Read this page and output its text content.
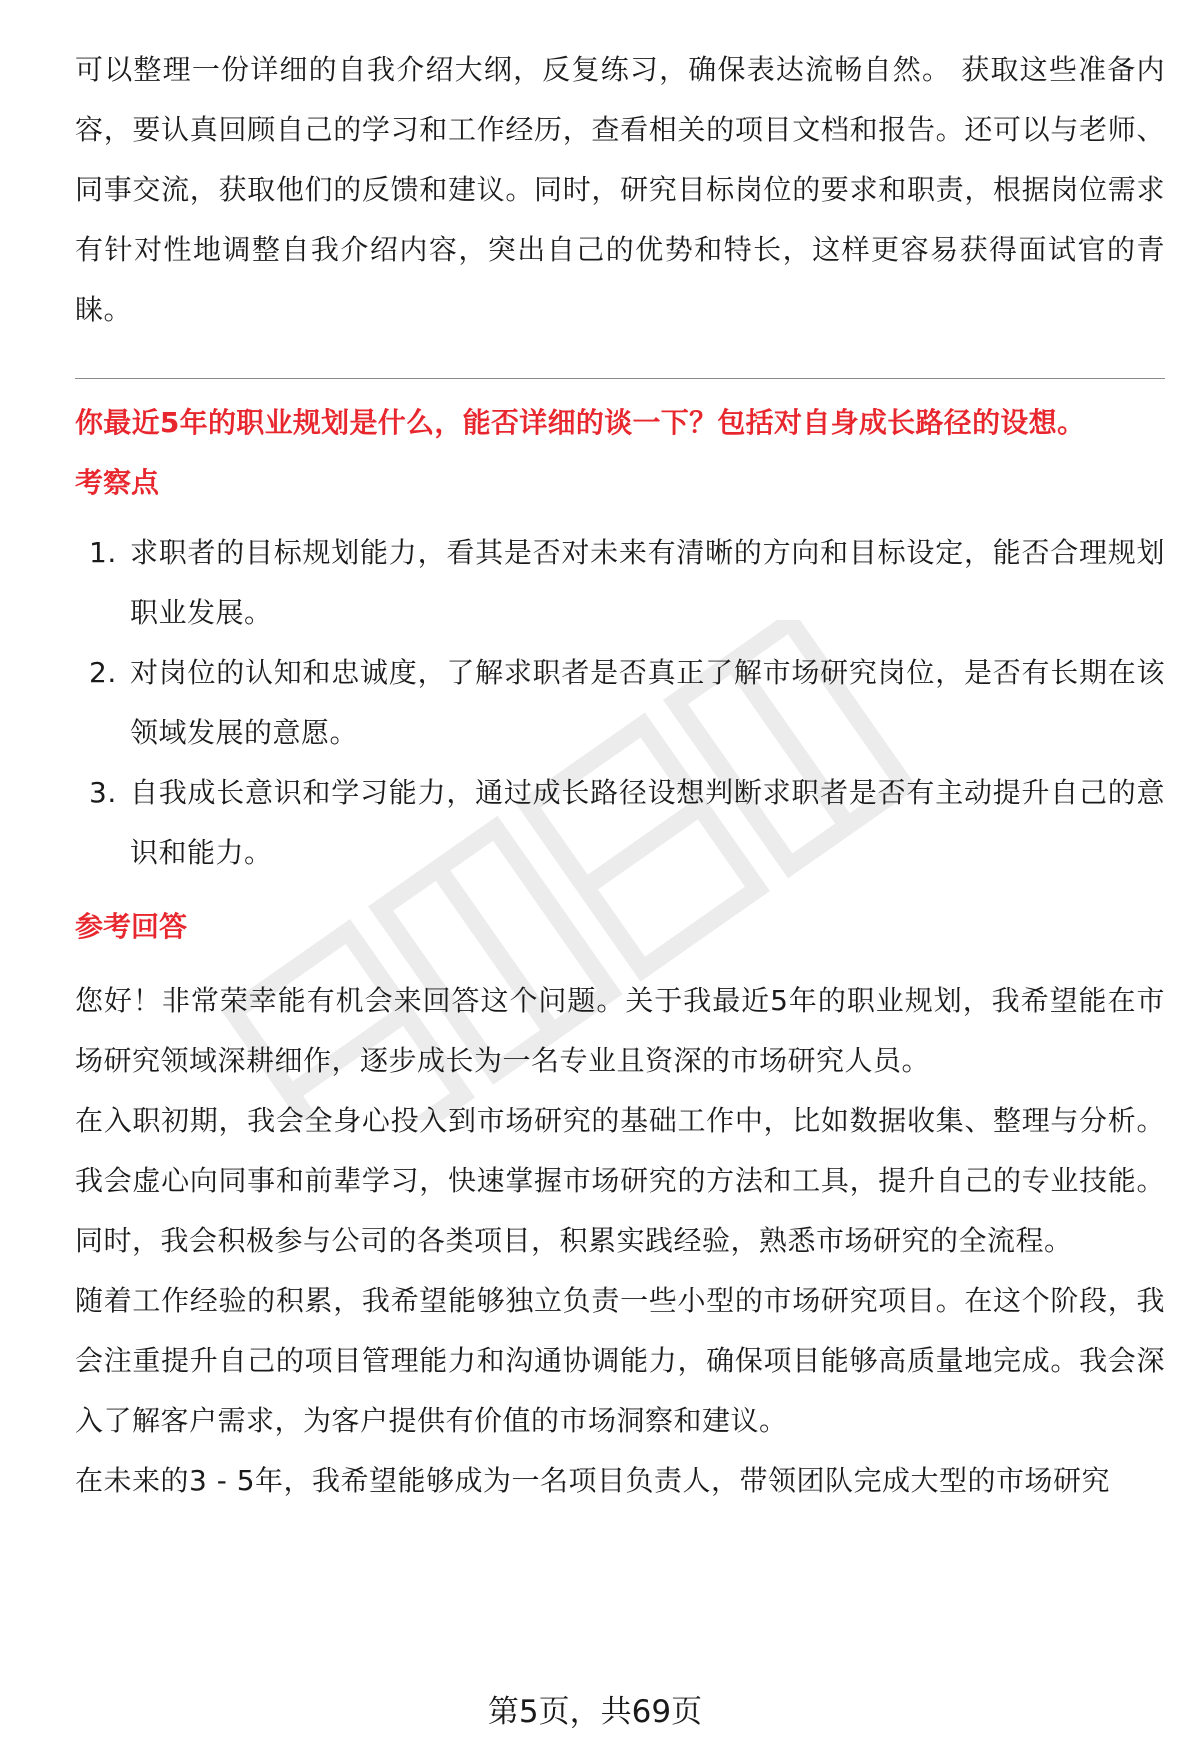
可以整理一份详细的自我介绍大纲，反复练习，确保表达流畅自然。 获取这些准备内容，要认真回顾自己的学习和工作经历，查看相关的项目文档和报告。还可以与老师、同事交流，获取他们的反馈和建议。同时，研究目标岗位的要求和职责，根据岗位需求有针对性地调整自我介绍内容，突出自己的优势和特长，这样更容易获得面试官的青睐。

你最近5年的职业规划是什么，能否详细的谈一下？包括对自身成长路径的设想。
考察点
1. 求职者的目标规划能力，看其是否对未来有清晰的方向和目标设定，能否合理规划职业发展。
2. 对岗位的认知和忠诚度，了解求职者是否真正了解市场研究岗位，是否有长期在该领域发展的意愿。
3. 自我成长意识和学习能力，通过成长路径设想判断求职者是否有主动提升自己的意识和能力。
参考回答

您好！非常荣幸能有机会来回答这个问题。关于我最近5年的职业规划，我希望能在市场研究领域深耕细作，逐步成长为一名专业且资深的市场研究人员。

在入职初期，我会全身心投入到市场研究的基础工作中，比如数据收集、整理与分析。我会虚心向同事和前辈学习，快速掌握市场研究的方法和工具，提升自己的专业技能。同时，我会积极参与公司的各类项目，积累实践经验，熟悉市场研究的全流程。

随着工作经验的积累，我希望能够独立负责一些小型的市场研究项目。在这个阶段，我会注重提升自己的项目管理能力和沟通协调能力，确保项目能够高质量地完成。我会深入了解客户需求，为客户提供有价值的市场洞察和建议。

在未来的3 - 5年，我希望能够成为一名项目负责人，带领团队完成大型的市场研究

第5页，共69页
